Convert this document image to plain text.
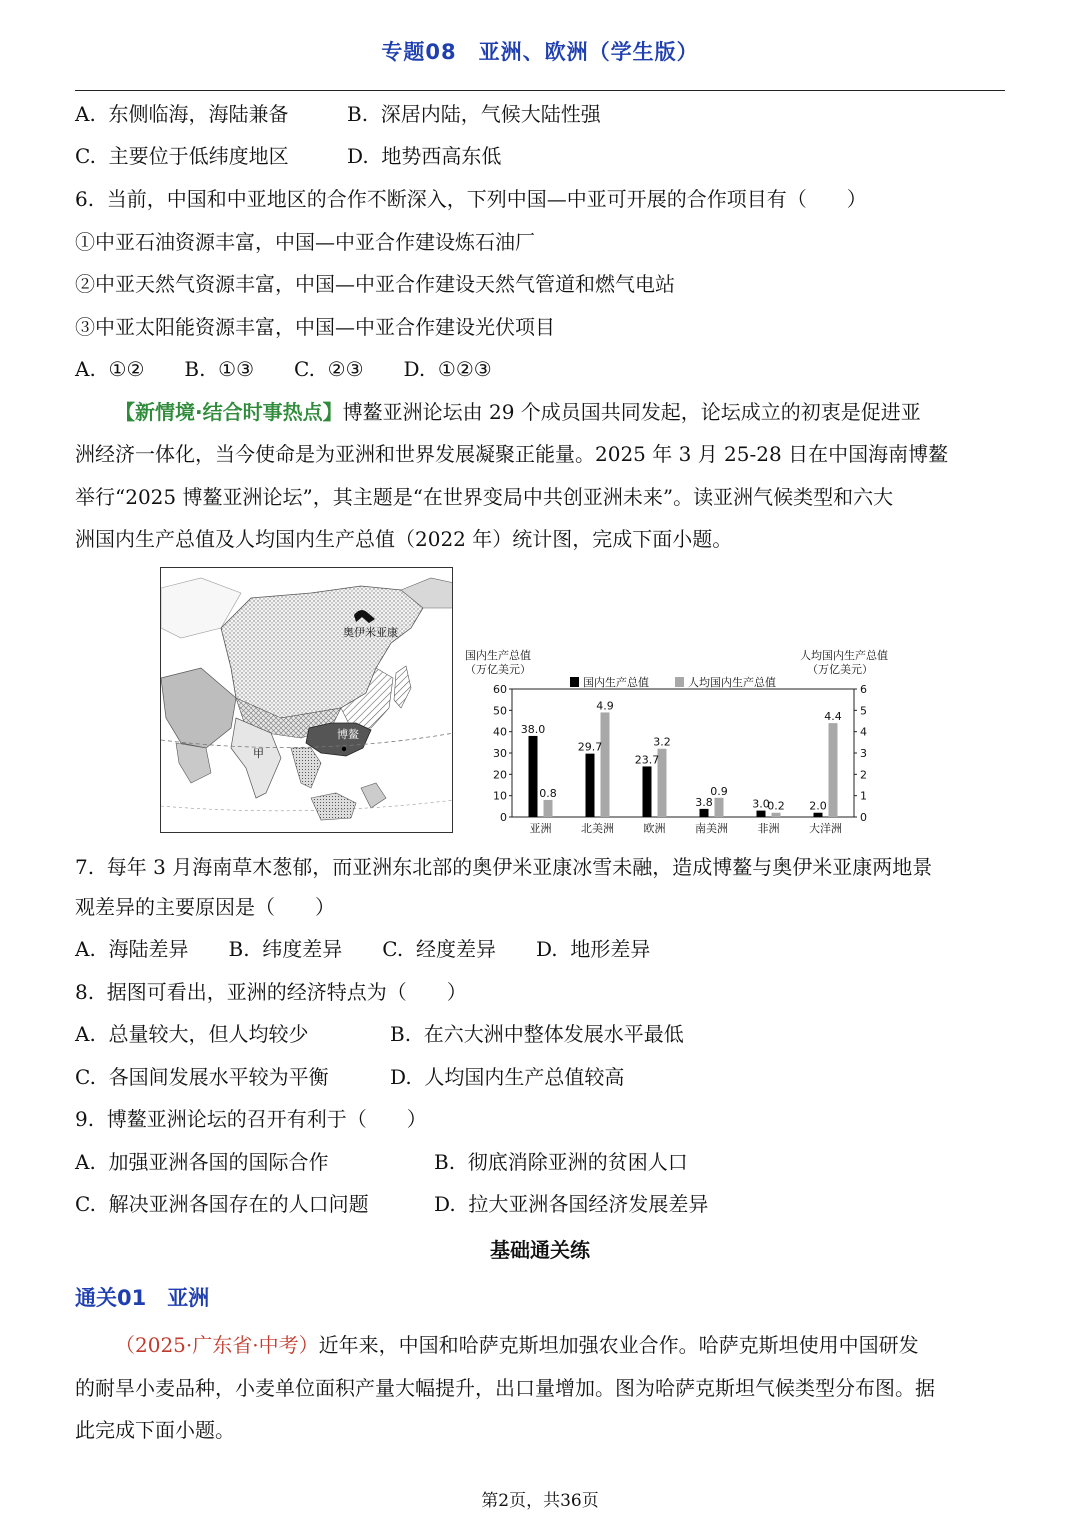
专题08　亚洲、欧洲（学生版）
A.  东侧临海，海陆兼备	B.  深居内陆，气候大陆性强
C.  主要位于低纬度地区	D.  地势西高东低
6.  当前，中国和中亚地区的合作不断深入，下列中国—中亚可开展的合作项目有（　　）
①中亚石油资源丰富，中国—中亚合作建设炼石油厂
②中亚天然气资源丰富，中国—中亚合作建设天然气管道和燃气电站
③中亚太阳能资源丰富，中国—中亚合作建设光伏项目
A.  ①②　　B.  ①③　　C.  ②③　　D.  ①②③
【新情境·结合时事热点】博鳌亚洲论坛由 29 个成员国共同发起，论坛成立的初衷是促进亚
洲经济一体化，当今使命是为亚洲和世界发展凝聚正能量。2025 年 3 月 25-28 日在中国海南博鳌
举行“2025 博鳌亚洲论坛”，其主题是“在世界变局中共创亚洲未来”。读亚洲气候类型和六大
洲国内生产总值及人均国内生产总值（2022 年）统计图，完成下面小题。
奥伊米亚康
博鳌
甲
国内生产总值
（万亿美元）
人均国内生产总值
（万亿美元）
国内生产总值	人均国内生产总值
0
10
20
30
40
50
60
0
1
2
3
4
5
6
38.0
0.8
亚洲
29.7
4.9
北美洲
23.7
3.2
欧洲
3.8
0.9
南美洲
3.0
0.2
非洲
2.0
4.4
大洋洲
7.  每年 3 月海南草木葱郁，而亚洲东北部的奥伊米亚康冰雪未融，造成博鳌与奥伊米亚康两地景
观差异的主要原因是（　　）
A.  海陆差异　　B.  纬度差异　　C.  经度差异　　D.  地形差异
8.  据图可看出，亚洲的经济特点为（　　）
A.  总量较大，但人均较少	B.  在六大洲中整体发展水平最低
C.  各国间发展水平较为平衡	D.  人均国内生产总值较高
9.  博鳌亚洲论坛的召开有利于（　　）
A.  加强亚洲各国的国际合作	B.  彻底消除亚洲的贫困人口
C.  解决亚洲各国存在的人口问题	D.  拉大亚洲各国经济发展差异
基础通关练
通关01　亚洲
（2025·广东省·中考）近年来，中国和哈萨克斯坦加强农业合作。哈萨克斯坦使用中国研发
的耐旱小麦品种，小麦单位面积产量大幅提升，出口量增加。图为哈萨克斯坦气候类型分布图。据
此完成下面小题。
第2页，共36页
